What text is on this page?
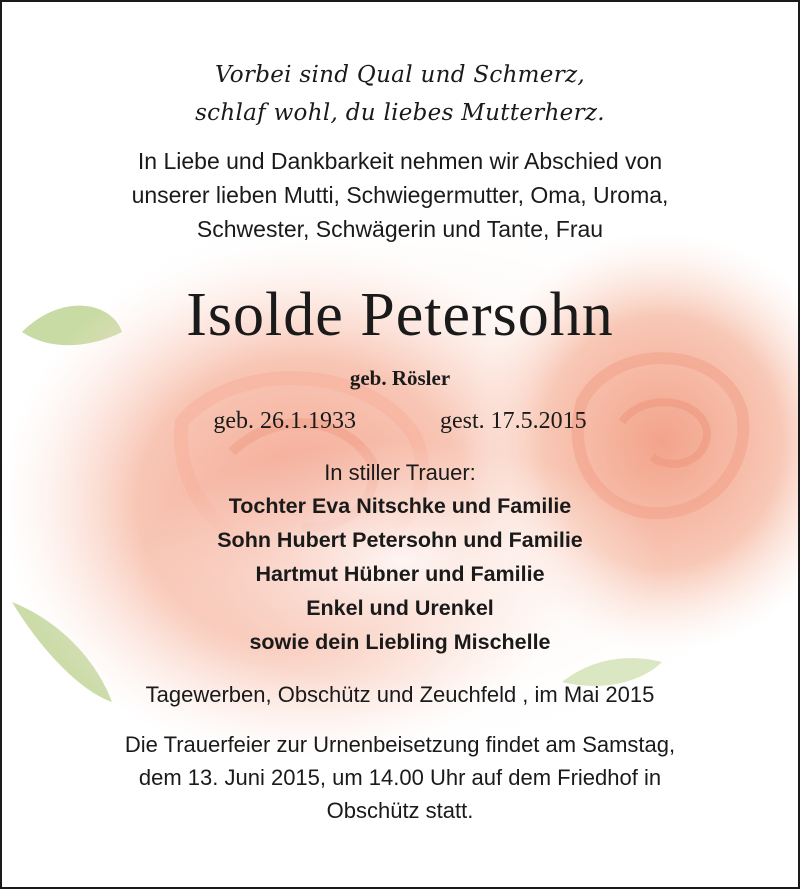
Vorbei sind Qual und Schmerz,
schlaf wohl, du liebes Mutterherz.
In Liebe und Dankbarkeit nehmen wir Abschied von
unserer lieben Mutti, Schwiegermutter, Oma, Uroma,
Schwester, Schwägerin und Tante, Frau
Isolde Petersohn
geb. Rösler
geb. 26.1.1933	gest. 17.5.2015
In stiller Trauer:
Tochter Eva Nitschke und Familie
Sohn Hubert Petersohn und Familie
Hartmut Hübner und Familie
Enkel und Urenkel
sowie dein Liebling Mischelle
Tagewerben, Obschütz und Zeuchfeld , im Mai 2015
Die Trauerfeier zur Urnenbeisetzung findet am Samstag,
dem 13. Juni 2015, um 14.00 Uhr auf dem Friedhof in
Obschütz statt.
